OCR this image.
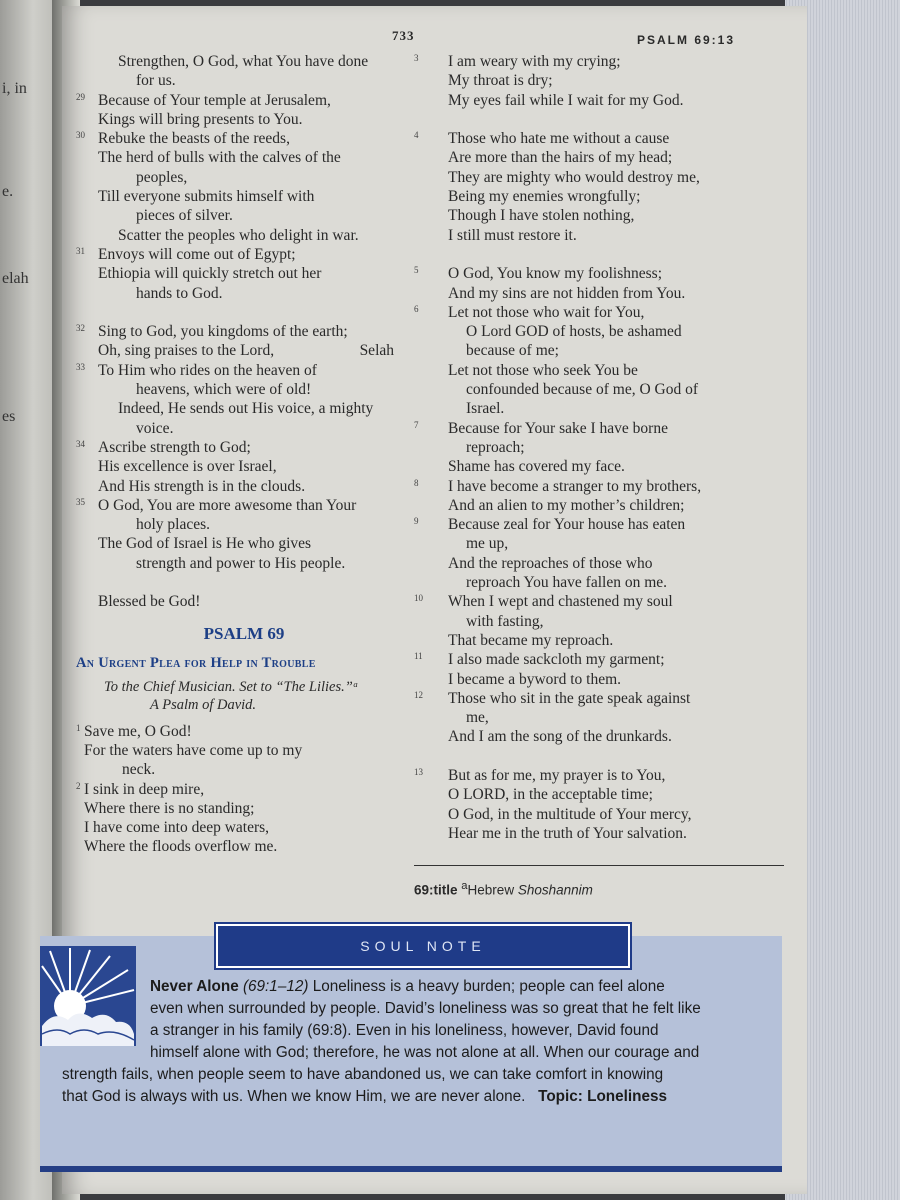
i, in
e.
elah
es
733	PSALM 69:13
Strengthen, O God, what You have done
for us.
29 Because of Your temple at Jerusalem,
Kings will bring presents to You.
30 Rebuke the beasts of the reeds,
The herd of bulls with the calves of the
peoples,
Till everyone submits himself with
pieces of silver.
Scatter the peoples who delight in war.
31 Envoys will come out of Egypt;
Ethiopia will quickly stretch out her
hands to God.
32 Sing to God, you kingdoms of the earth;
Oh, sing praises to the Lord,	Selah
33 To Him who rides on the heaven of
heavens, which were of old!
Indeed, He sends out His voice, a mighty
voice.
34 Ascribe strength to God;
His excellence is over Israel,
And His strength is in the clouds.
35 O God, You are more awesome than Your
holy places.
The God of Israel is He who gives
strength and power to His people.
Blessed be God!
PSALM 69
An Urgent Plea for Help in Trouble
To the Chief Musician. Set to “The Lilies.”ᵃ
A Psalm of David.
1 Save me, O God!
For the waters have come up to my
neck.
2 I sink in deep mire,
Where there is no standing;
I have come into deep waters,
Where the floods overflow me.
3 I am weary with my crying;
My throat is dry;
My eyes fail while I wait for my God.
4 Those who hate me without a cause
Are more than the hairs of my head;
They are mighty who would destroy me,
Being my enemies wrongfully;
Though I have stolen nothing,
I still must restore it.
5 O God, You know my foolishness;
And my sins are not hidden from You.
6 Let not those who wait for You,
O Lord GOD of hosts, be ashamed
because of me;
Let not those who seek You be
confounded because of me, O God of
Israel.
7 Because for Your sake I have borne
reproach;
Shame has covered my face.
8 I have become a stranger to my brothers,
And an alien to my mother’s children;
9 Because zeal for Your house has eaten
me up,
And the reproaches of those who
reproach You have fallen on me.
10 When I wept and chastened my soul
with fasting,
That became my reproach.
11 I also made sackcloth my garment;
I became a byword to them.
12 Those who sit in the gate speak against
me,
And I am the song of the drunkards.
13 But as for me, my prayer is to You,
O LORD, in the acceptable time;
O God, in the multitude of Your mercy,
Hear me in the truth of Your salvation.
69:title $^a$Hebrew Shoshannim
SOUL NOTE
Never Alone (69:1–12) Loneliness is a heavy burden; people can feel alone
even when surrounded by people. David’s loneliness was so great that he felt like
a stranger in his family (69:8). Even in his loneliness, however, David found
himself alone with God; therefore, he was not alone at all. When our courage and
strength fails, when people seem to have abandoned us, we can take comfort in knowing
that God is always with us. When we know Him, we are never alone. Topic: Loneliness
